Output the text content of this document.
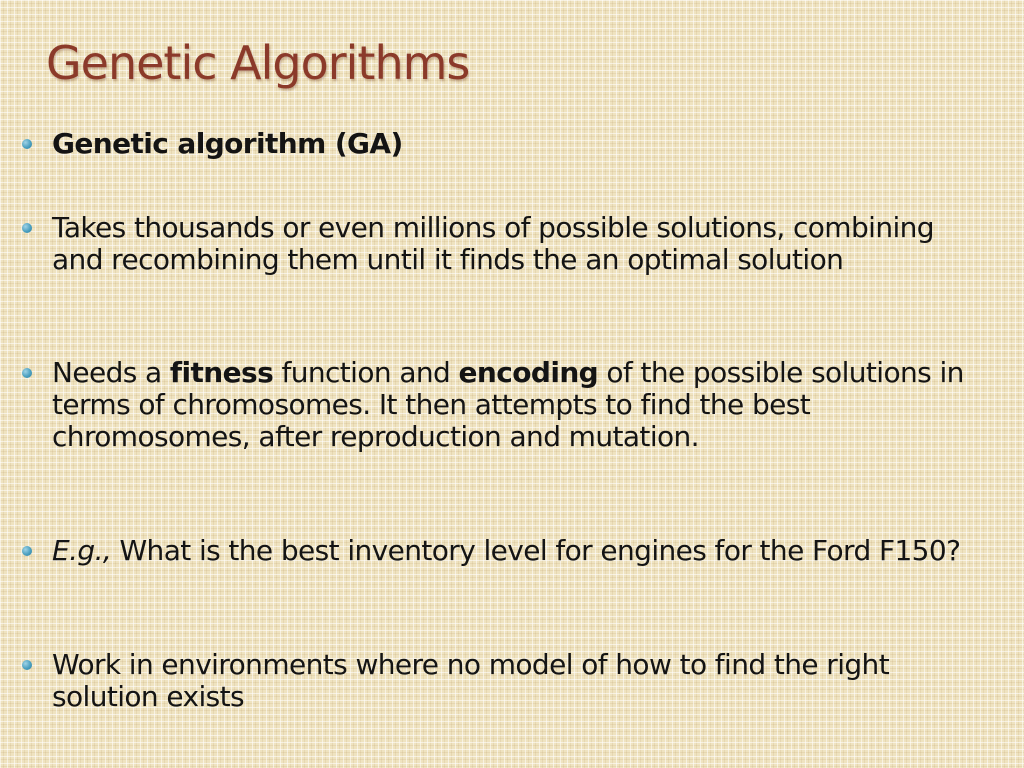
Genetic Algorithms
Genetic algorithm (GA)
Takes thousands or even millions of possible solutions, combining and recombining them until it finds the an optimal solution
Needs a fitness function and encoding of the possible solutions in terms of chromosomes. It then attempts to find the best chromosomes, after reproduction and mutation.
E.g., What is the best inventory level for engines for the Ford F150?
Work in environments where no model of how to find the right solution exists
